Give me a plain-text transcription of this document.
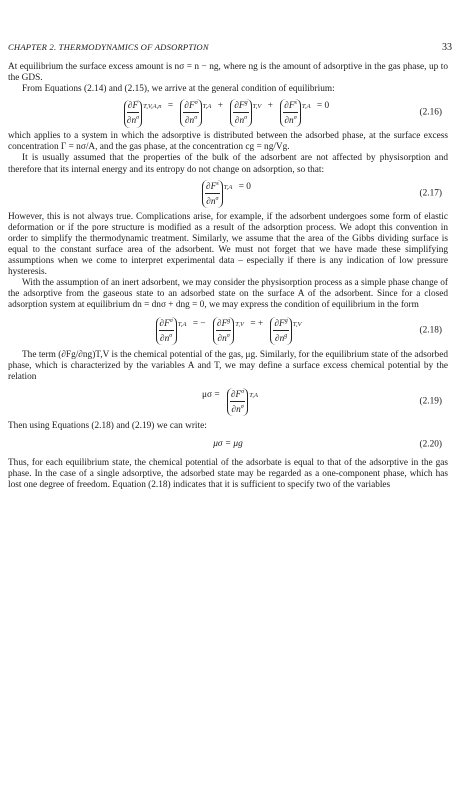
CHAPTER 2. THERMODYNAMICS OF ADSORPTION	33

At equilibrium the surface excess amount is nσ = n − ng, where ng is the amount of adsorptive in the gas phase, up to the GDS.

From Equations (2.14) and (2.15), we arrive at the general condition of equilibrium:

$\frac{\partial F}{\partial n^\sigma} T,V,A,n = \frac{\partial F^\sigma}{\partial n^\sigma} T,A + \frac{\partial F^g}{\partial n^\sigma} T,V + \frac{\partial F^s}{\partial n^\sigma} T,A = 0$
(2.16)

which applies to a system in which the adsorptive is distributed between the adsorbed phase, at the surface excess concentration Γ = nσ/A, and the gas phase, at the concentration cg = ng/Vg.

It is usually assumed that the properties of the bulk of the adsorbent are not affected by physisorption and therefore that its internal energy and its entropy do not change on adsorption, so that:

$\frac{\partial F^s}{\partial n^\sigma} T,A = 0$
(2.17)

However, this is not always true. Complications arise, for example, if the adsorbent undergoes some form of elastic deformation or if the pore structure is modified as a result of the adsorption process. We adopt this convention in order to simplify the thermodynamic treatment. Similarly, we assume that the area of the Gibbs dividing surface is equal to the constant surface area of the adsorbent. We must not forget that we have made these simplifying assumptions when we come to interpret experimental data – especially if there is any indication of low pressure hysteresis.

With the assumption of an inert adsorbent, we may consider the physisorption process as a simple phase change of the adsorptive from the gaseous state to an adsorbed state on the surface A of the adsorbent. Since for a closed adsorption system at equilibrium dn = dnσ + dng = 0, we may express the condition of equilibrium in the form

$\frac{\partial F^\sigma}{\partial n^\sigma} T,A$ = − $\frac{\partial F^g}{\partial n^\sigma} T,V$ = + $\frac{\partial F^g}{\partial n^g} T,V$
(2.18)

The term (∂Fg/∂ng)T,V is the chemical potential of the gas, μg. Similarly, for the equilibrium state of the adsorbed phase, which is characterized by the variables A and T, we may define a surface excess chemical potential by the relation

$\mu\sigma = \frac{\partial F^\sigma}{\partial n^\sigma} T,A$
(2.19)

Then using Equations (2.18) and (2.19) we can write:

μσ = μg	(2.20)

Thus, for each equilibrium state, the chemical potential of the adsorbate is equal to that of the adsorptive in the gas phase. In the case of a single adsorptive, the adsorbed state may be regarded as a one-component phase, which has lost one degree of freedom. Equation (2.18) indicates that it is sufficient to specify two of the variables
